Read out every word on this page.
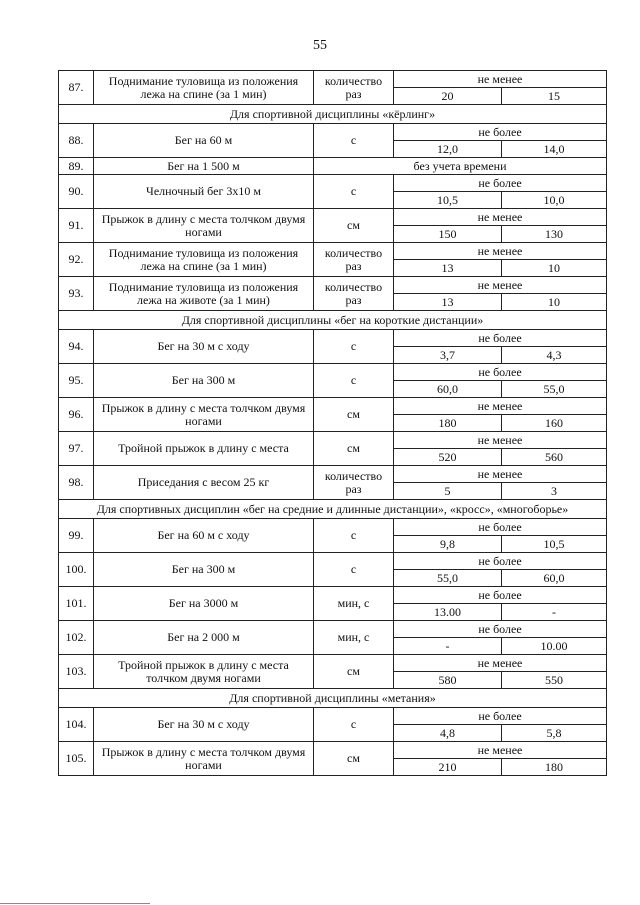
55
87.	Поднимание туловища из положения лежа на спине (за 1 мин)	количество раз	не менее	
			20	15
Для спортивной дисциплины «кёрлинг»				
88.	Бег на 60 м	с	не более	
			12,0	14,0
89.	Бег на 1 500 м	без учета времени		
90.	Челночный бег 3х10 м	с	не более	
			10,5	10,0
91.	Прыжок в длину с места толчком двумя ногами	см	не менее	
			150	130
92.	Поднимание туловища из положения лежа на спине (за 1 мин)	количество раз	не менее	
			13	10
93.	Поднимание туловища из положения лежа на животе (за 1 мин)	количество раз	не менее	
			13	10
Для спортивной дисциплины «бег на короткие дистанции»				
94.	Бег на 30 м с ходу	с	не более	
			3,7	4,3
95.	Бег на 300 м	с	не более	
			60,0	55,0
96.	Прыжок в длину с места толчком двумя ногами	см	не менее	
			180	160
97.	Тройной прыжок в длину с места	см	не менее	
			520	560
98.	Приседания с весом 25 кг	количество раз	не менее	
			5	3
Для спортивных дисциплин «бег на средние и длинные дистанции», «кросс», «многоборье»				
99.	Бег на 60 м с ходу	с	не более	
			9,8	10,5
100.	Бег на 300 м	с	не более	
			55,0	60,0
101.	Бег на 3000 м	мин, с	не более	
			13.00	-
102.	Бег на 2 000 м	мин, с	не более	
			-	10.00
103.	Тройной прыжок в длину с места толчком двумя ногами	см	не менее	
			580	550
Для спортивной дисциплины «метания»				
104.	Бег на 30 м с ходу	с	не более	
			4,8	5,8
105.	Прыжок в длину с места толчком двумя ногами	см	не менее	
			210	180
